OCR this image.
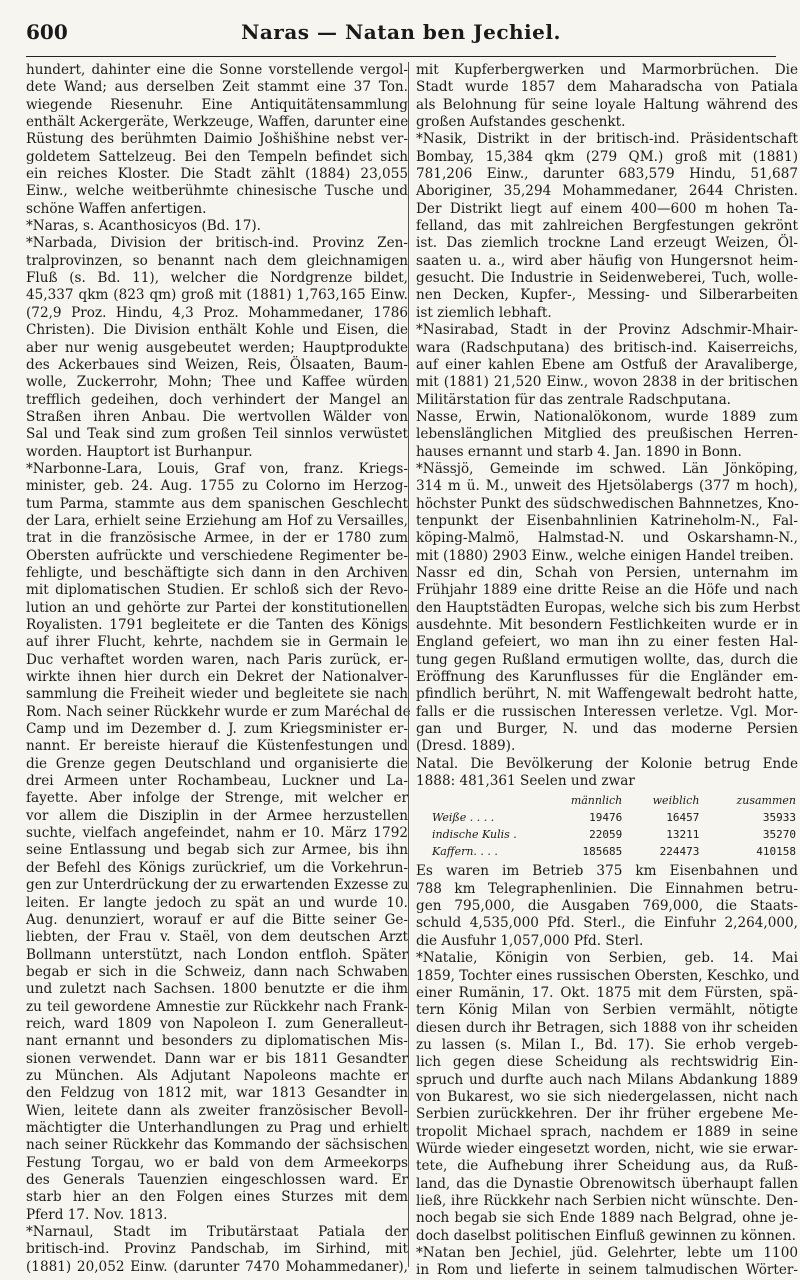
600	Naras — Natan ben Jechiel.
hundert, dahinter eine die Sonne vorstellende vergol-
dete Wand; aus derselben Zeit stammt eine 37 Ton.
wiegende Riesenuhr. Eine Antiquitätensammlung
enthält Ackergeräte, Werkzeuge, Waffen, darunter eine
Rüstung des berühmten Daimio Jošhišhine nebst ver-
goldetem Sattelzeug. Bei den Tempeln befindet sich
ein reiches Kloster. Die Stadt zählt (1884) 23,055
Einw., welche weitberühmte chinesische Tusche und
schöne Waffen anfertigen.
*Naras, s. Acanthosicyos (Bd. 17).
*Narbada, Division der britisch-ind. Provinz Zen-
tralprovinzen, so benannt nach dem gleichnamigen
Fluß (s. Bd. 11), welcher die Nordgrenze bildet,
45,337 qkm (823 qm) groß mit (1881) 1,763,165 Einw.
(72,9 Proz. Hindu, 4,3 Proz. Mohammedaner, 1786
Christen). Die Division enthält Kohle und Eisen, die
aber nur wenig ausgebeutet werden; Hauptprodukte
des Ackerbaues sind Weizen, Reis, Ölsaaten, Baum-
wolle, Zuckerrohr, Mohn; Thee und Kaffee würden
trefflich gedeihen, doch verhindert der Mangel an
Straßen ihren Anbau. Die wertvollen Wälder von
Sal und Teak sind zum großen Teil sinnlos verwüstet
worden. Hauptort ist Burhanpur.
*Narbonne-Lara, Louis, Graf von, franz. Kriegs-
minister, geb. 24. Aug. 1755 zu Colorno im Herzog-
tum Parma, stammte aus dem spanischen Geschlecht
der Lara, erhielt seine Erziehung am Hof zu Versailles,
trat in die französische Armee, in der er 1780 zum
Obersten aufrückte und verschiedene Regimenter be-
fehligte, und beschäftigte sich dann in den Archiven
mit diplomatischen Studien. Er schloß sich der Revo-
lution an und gehörte zur Partei der konstitutionellen
Royalisten. 1791 begleitete er die Tanten des Königs
auf ihrer Flucht, kehrte, nachdem sie in Germain le
Duc verhaftet worden waren, nach Paris zurück, er-
wirkte ihnen hier durch ein Dekret der Nationalver-
sammlung die Freiheit wieder und begleitete sie nach
Rom. Nach seiner Rückkehr wurde er zum Maréchal de
Camp und im Dezember d. J. zum Kriegsminister er-
nannt. Er bereiste hierauf die Küstenfestungen und
die Grenze gegen Deutschland und organisierte die
drei Armeen unter Rochambeau, Luckner und La-
fayette. Aber infolge der Strenge, mit welcher er
vor allem die Disziplin in der Armee herzustellen
suchte, vielfach angefeindet, nahm er 10. März 1792
seine Entlassung und begab sich zur Armee, bis ihn
der Befehl des Königs zurückrief, um die Vorkehrun-
gen zur Unterdrückung der zu erwartenden Exzesse zu
leiten. Er langte jedoch zu spät an und wurde 10.
Aug. denunziert, worauf er auf die Bitte seiner Ge-
liebten, der Frau v. Staël, von dem deutschen Arzt
Bollmann unterstützt, nach London entfloh. Später
begab er sich in die Schweiz, dann nach Schwaben
und zuletzt nach Sachsen. 1800 benutzte er die ihm
zu teil gewordene Amnestie zur Rückkehr nach Frank-
reich, ward 1809 von Napoleon I. zum Generalleut-
nant ernannt und besonders zu diplomatischen Mis-
sionen verwendet. Dann war er bis 1811 Gesandter
zu München. Als Adjutant Napoleons machte er
den Feldzug von 1812 mit, war 1813 Gesandter in
Wien, leitete dann als zweiter französischer Bevoll-
mächtigter die Unterhandlungen zu Prag und erhielt
nach seiner Rückkehr das Kommando der sächsischen
Festung Torgau, wo er bald von dem Armeekorps
des Generals Tauenzien eingeschlossen ward. Er
starb hier an den Folgen eines Sturzes mit dem
Pferd 17. Nov. 1813.
*Narnaul, Stadt im Tributärstaat Patiala der
britisch-ind. Provinz Pandschab, im Sirhind, mit
(1881) 20,052 Einw. (darunter 7470 Mohammedaner),
mit Kupferbergwerken und Marmorbrüchen. Die
Stadt wurde 1857 dem Maharadscha von Patiala
als Belohnung für seine loyale Haltung während des
großen Aufstandes geschenkt.
*Nasik, Distrikt in der britisch-ind. Präsidentschaft
Bombay, 15,384 qkm (279 QM.) groß mit (1881)
781,206 Einw., darunter 683,579 Hindu, 51,687
Aboriginer, 35,294 Mohammedaner, 2644 Christen.
Der Distrikt liegt auf einem 400—600 m hohen Ta-
felland, das mit zahlreichen Bergfestungen gekrönt
ist. Das ziemlich trockne Land erzeugt Weizen, Öl-
saaten u. a., wird aber häufig von Hungersnot heim-
gesucht. Die Industrie in Seidenweberei, Tuch, wolle-
nen Decken, Kupfer-, Messing- und Silberarbeiten
ist ziemlich lebhaft.
*Nasirabad, Stadt in der Provinz Adschmir-Mhair-
wara (Radschputana) des britisch-ind. Kaiserreichs,
auf einer kahlen Ebene am Ostfuß der Aravaliberge,
mit (1881) 21,520 Einw., wovon 2838 in der britischen
Militärstation für das zentrale Radschputana.
Nasse, Erwin, Nationalökonom, wurde 1889 zum
lebenslänglichen Mitglied des preußischen Herren-
hauses ernannt und starb 4. Jan. 1890 in Bonn.
*Nässjö, Gemeinde im schwed. Län Jönköping,
314 m ü. M., unweit des Hjetsölabergs (377 m hoch),
höchster Punkt des südschwedischen Bahnnetzes, Kno-
tenpunkt der Eisenbahnlinien Katrineholm-N., Fal-
köping-Malmö, Halmstad-N. und Oskarshamn-N.,
mit (1880) 2903 Einw., welche einigen Handel treiben.
Nassr ed din, Schah von Persien, unternahm im
Frühjahr 1889 eine dritte Reise an die Höfe und nach
den Hauptstädten Europas, welche sich bis zum Herbst
ausdehnte. Mit besondern Festlichkeiten wurde er in
England gefeiert, wo man ihn zu einer festen Hal-
tung gegen Rußland ermutigen wollte, das, durch die
Eröffnung des Karunflusses für die Engländer em-
pfindlich berührt, N. mit Waffengewalt bedroht hatte,
falls er die russischen Interessen verletze. Vgl. Mor-
gan und Burger, N. und das moderne Persien
(Dresd. 1889).
Natal. Die Bevölkerung der Kolonie betrug Ende
1888: 481,361 Seelen und zwar
	männlich	weiblich	zusammen
Weiße . . . .	19476	16457	35933
indische Kulis .	22059	13211	35270
Kaffern. . . .	185685	224473	410158
Es waren im Betrieb 375 km Eisenbahnen und
788 km Telegraphenlinien. Die Einnahmen betru-
gen 795,000, die Ausgaben 769,000, die Staats-
schuld 4,535,000 Pfd. Sterl., die Einfuhr 2,264,000,
die Ausfuhr 1,057,000 Pfd. Sterl.
*Natalie, Königin von Serbien, geb. 14. Mai
1859, Tochter eines russischen Obersten, Keschko, und
einer Rumänin, 17. Okt. 1875 mit dem Fürsten, spä-
tern König Milan von Serbien vermählt, nötigte
diesen durch ihr Betragen, sich 1888 von ihr scheiden
zu lassen (s. Milan I., Bd. 17). Sie erhob vergeb-
lich gegen diese Scheidung als rechtswidrig Ein-
spruch und durfte auch nach Milans Abdankung 1889
von Bukarest, wo sie sich niedergelassen, nicht nach
Serbien zurückkehren. Der ihr früher ergebene Me-
tropolit Michael sprach, nachdem er 1889 in seine
Würde wieder eingesetzt worden, nicht, wie sie erwar-
tete, die Aufhebung ihrer Scheidung aus, da Ruß-
land, das die Dynastie Obrenowitsch überhaupt fallen
ließ, ihre Rückkehr nach Serbien nicht wünschte. Den-
noch begab sie sich Ende 1889 nach Belgrad, ohne je-
doch daselbst politischen Einfluß gewinnen zu können.
*Natan ben Jechiel, jüd. Gelehrter, lebte um 1100
in Rom und lieferte in seinem talmudischen Wörter-
